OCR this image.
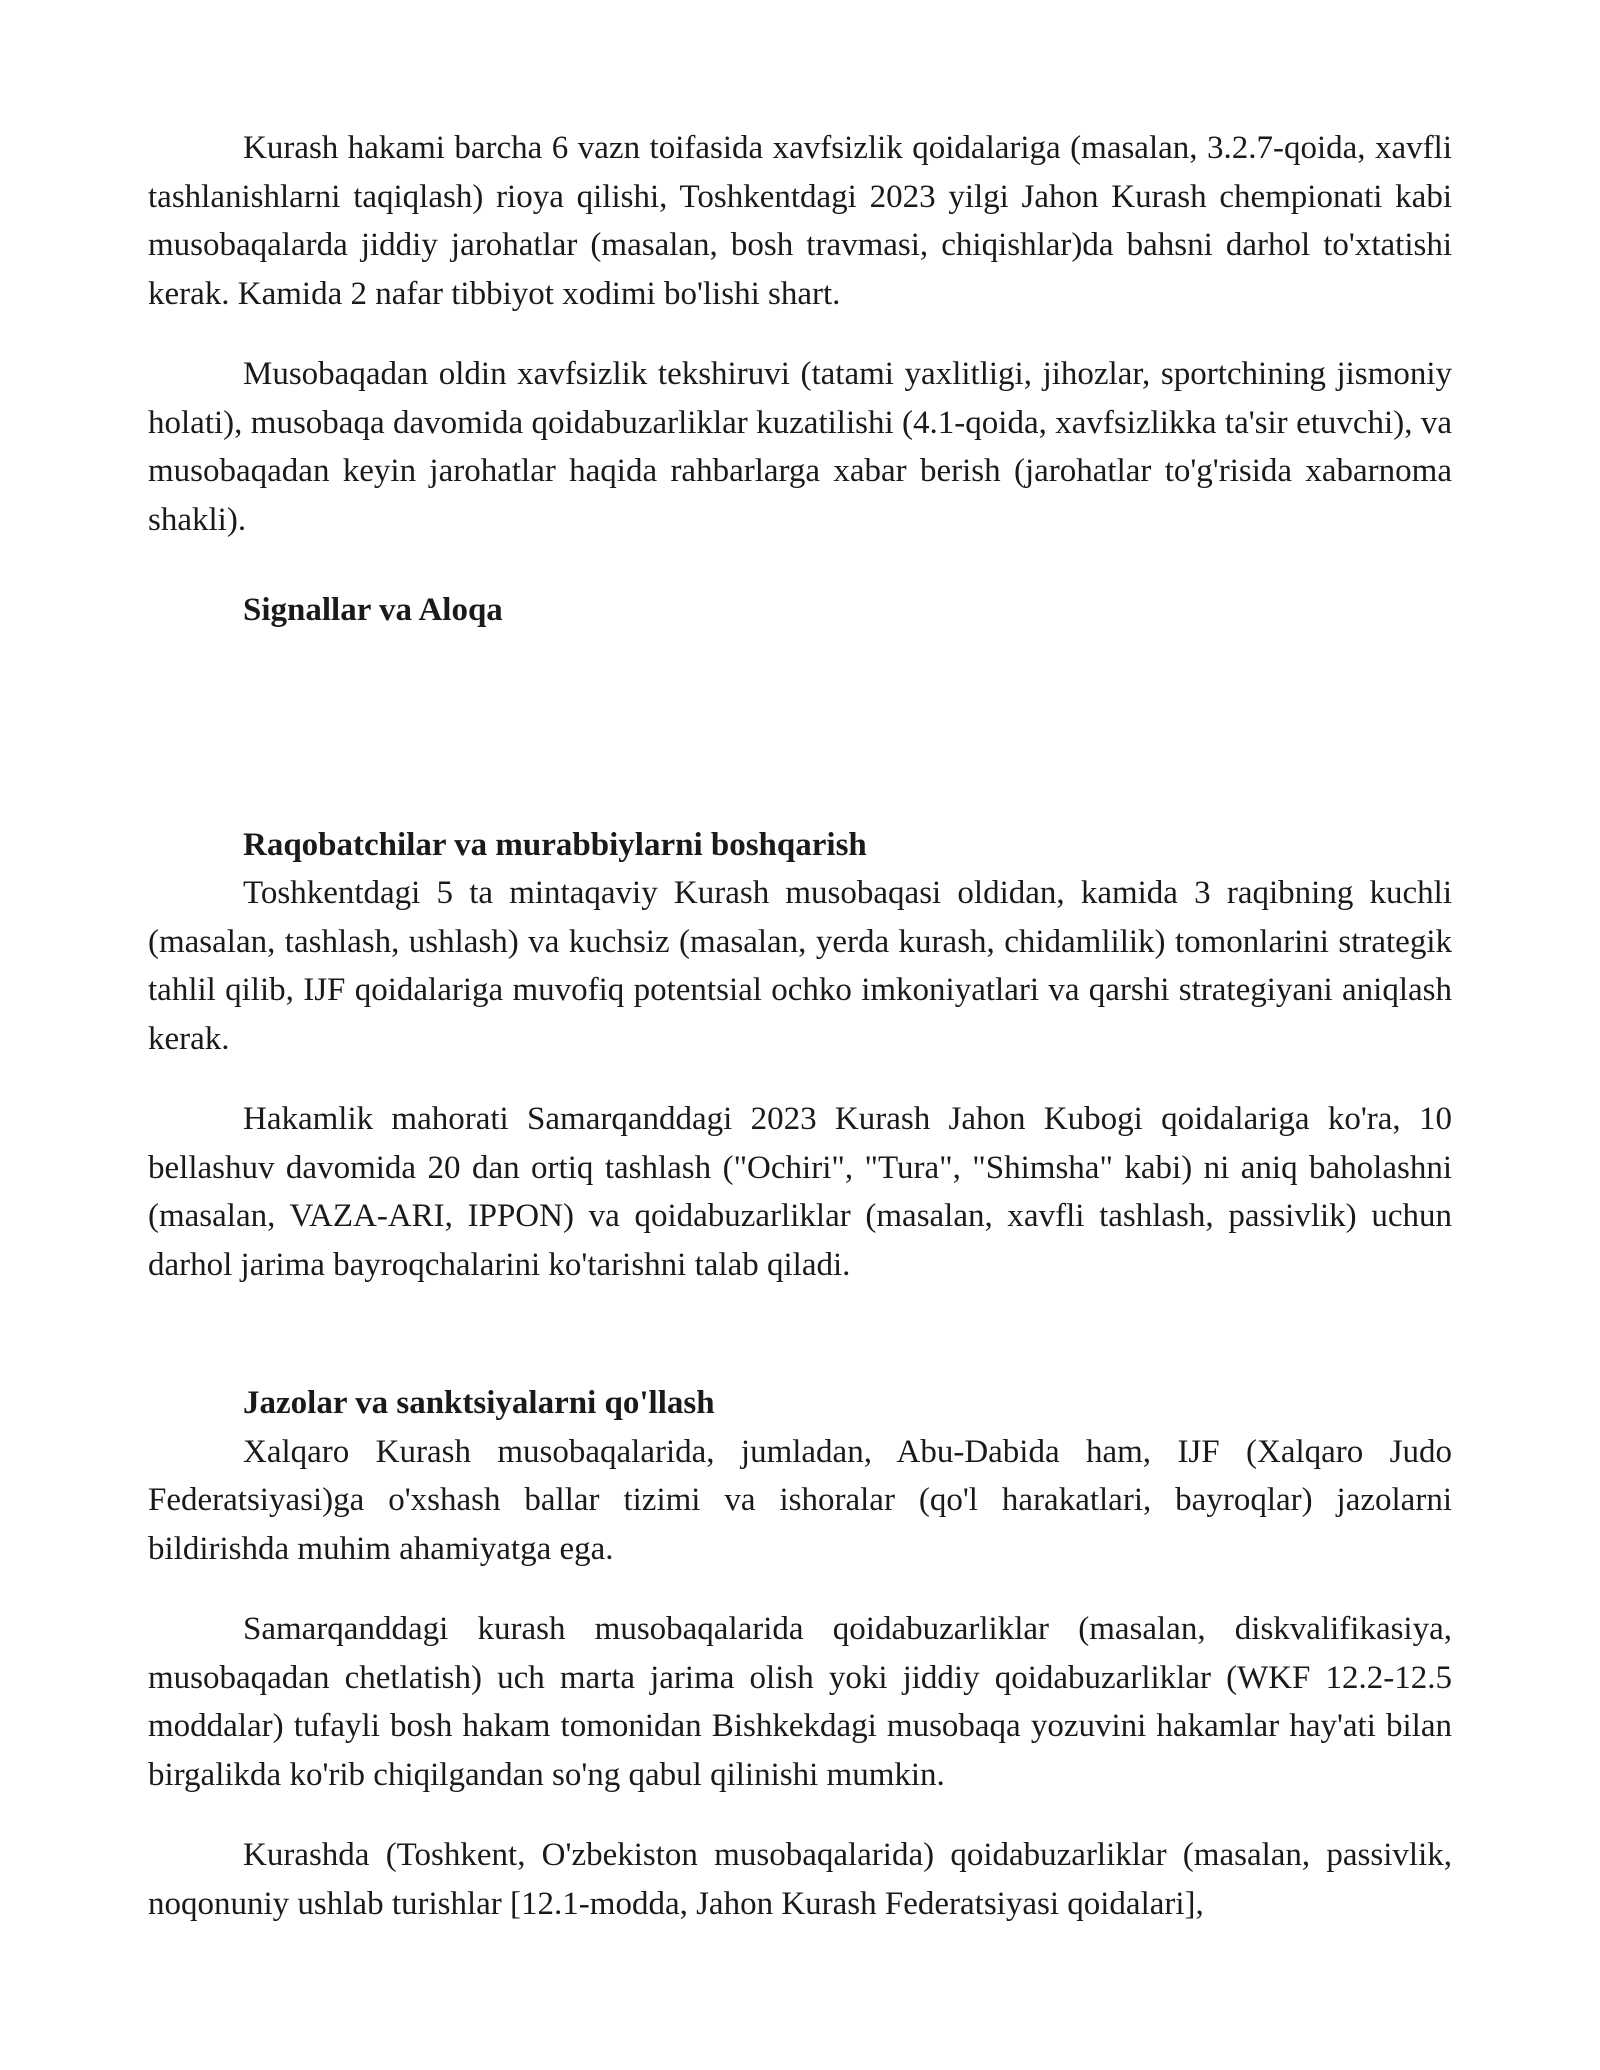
Kurash hakami barcha 6 vazn toifasida xavfsizlik qoidalariga (masalan, 3.2.7-qoida, xavfli tashlanishlarni taqiqlash) rioya qilishi, Toshkentdagi 2023 yilgi Jahon Kurash chempionati kabi musobaqalarda jiddiy jarohatlar (masalan, bosh travmasi, chiqishlar)da bahsni darhol to'xtatishi kerak. Kamida 2 nafar tibbiyot xodimi bo'lishi shart.

Musobaqadan oldin xavfsizlik tekshiruvi (tatami yaxlitligi, jihozlar, sportchining jismoniy holati), musobaqa davomida qoidabuzarliklar kuzatilishi (4.1-qoida, xavfsizlikka ta'sir etuvchi), va musobaqadan keyin jarohatlar haqida rahbarlarga xabar berish (jarohatlar to'g'risida xabarnoma shakli).

Signallar va Aloqa
Raqobatchilar va murabbiylarni boshqarish

Toshkentdagi 5 ta mintaqaviy Kurash musobaqasi oldidan, kamida 3 raqibning kuchli (masalan, tashlash, ushlash) va kuchsiz (masalan, yerda kurash, chidamlilik) tomonlarini strategik tahlil qilib, IJF qoidalariga muvofiq potentsial ochko imkoniyatlari va qarshi strategiyani aniqlash kerak.

Hakamlik mahorati Samarqanddagi 2023 Kurash Jahon Kubogi qoidalariga ko'ra, 10 bellashuv davomida 20 dan ortiq tashlash ("Ochiri", "Tura", "Shimsha" kabi) ni aniq baholashni (masalan, VAZA-ARI, IPPON) va qoidabuzarliklar (masalan, xavfli tashlash, passivlik) uchun darhol jarima bayroqchalarini ko'tarishni talab qiladi.

Jazolar va sanktsiyalarni qo'llash

Xalqaro Kurash musobaqalarida, jumladan, Abu-Dabida ham, IJF (Xalqaro Judo Federatsiyasi)ga o'xshash ballar tizimi va ishoralar (qo'l harakatlari, bayroqlar) jazolarni bildirishda muhim ahamiyatga ega.

Samarqanddagi kurash musobaqalarida qoidabuzarliklar (masalan, diskvalifikasiya, musobaqadan chetlatish) uch marta jarima olish yoki jiddiy qoidabuzarliklar (WKF 12.2-12.5 moddalar) tufayli bosh hakam tomonidan Bishkekdagi musobaqa yozuvini hakamlar hay'ati bilan birgalikda ko'rib chiqilgandan so'ng qabul qilinishi mumkin.

Kurashda (Toshkent, O'zbekiston musobaqalarida) qoidabuzarliklar (masalan, passivlik, noqonuniy ushlab turishlar [12.1-modda, Jahon Kurash Federatsiyasi qoidalari],
